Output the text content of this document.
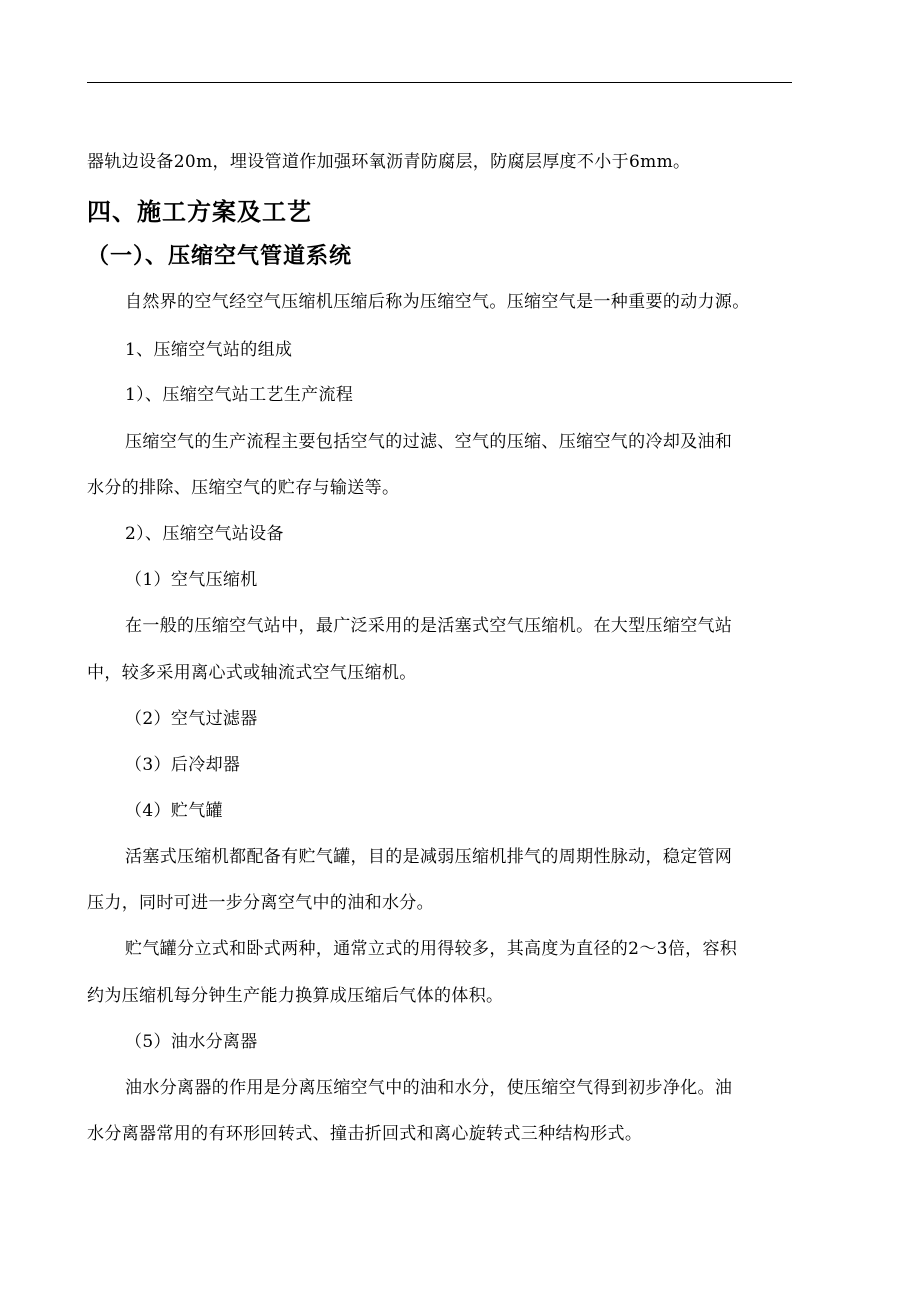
器轨边设备20m，埋设管道作加强环氧沥青防腐层，防腐层厚度不小于6mm。
四、施工方案及工艺
（一）、压缩空气管道系统
自然界的空气经空气压缩机压缩后称为压缩空气。压缩空气是一种重要的动力源。
1、压缩空气站的组成
1）、压缩空气站工艺生产流程
压缩空气的生产流程主要包括空气的过滤、空气的压缩、压缩空气的冷却及油和
水分的排除、压缩空气的贮存与输送等。
2）、压缩空气站设备
（1）空气压缩机
在一般的压缩空气站中，最广泛采用的是活塞式空气压缩机。在大型压缩空气站
中，较多采用离心式或轴流式空气压缩机。
（2）空气过滤器
（3）后冷却器
（4）贮气罐
活塞式压缩机都配备有贮气罐，目的是减弱压缩机排气的周期性脉动，稳定管网
压力，同时可进一步分离空气中的油和水分。
贮气罐分立式和卧式两种，通常立式的用得较多，其高度为直径的2～3倍，容积
约为压缩机每分钟生产能力换算成压缩后气体的体积。
（5）油水分离器
油水分离器的作用是分离压缩空气中的油和水分，使压缩空气得到初步净化。油
水分离器常用的有环形回转式、撞击折回式和离心旋转式三种结构形式。
